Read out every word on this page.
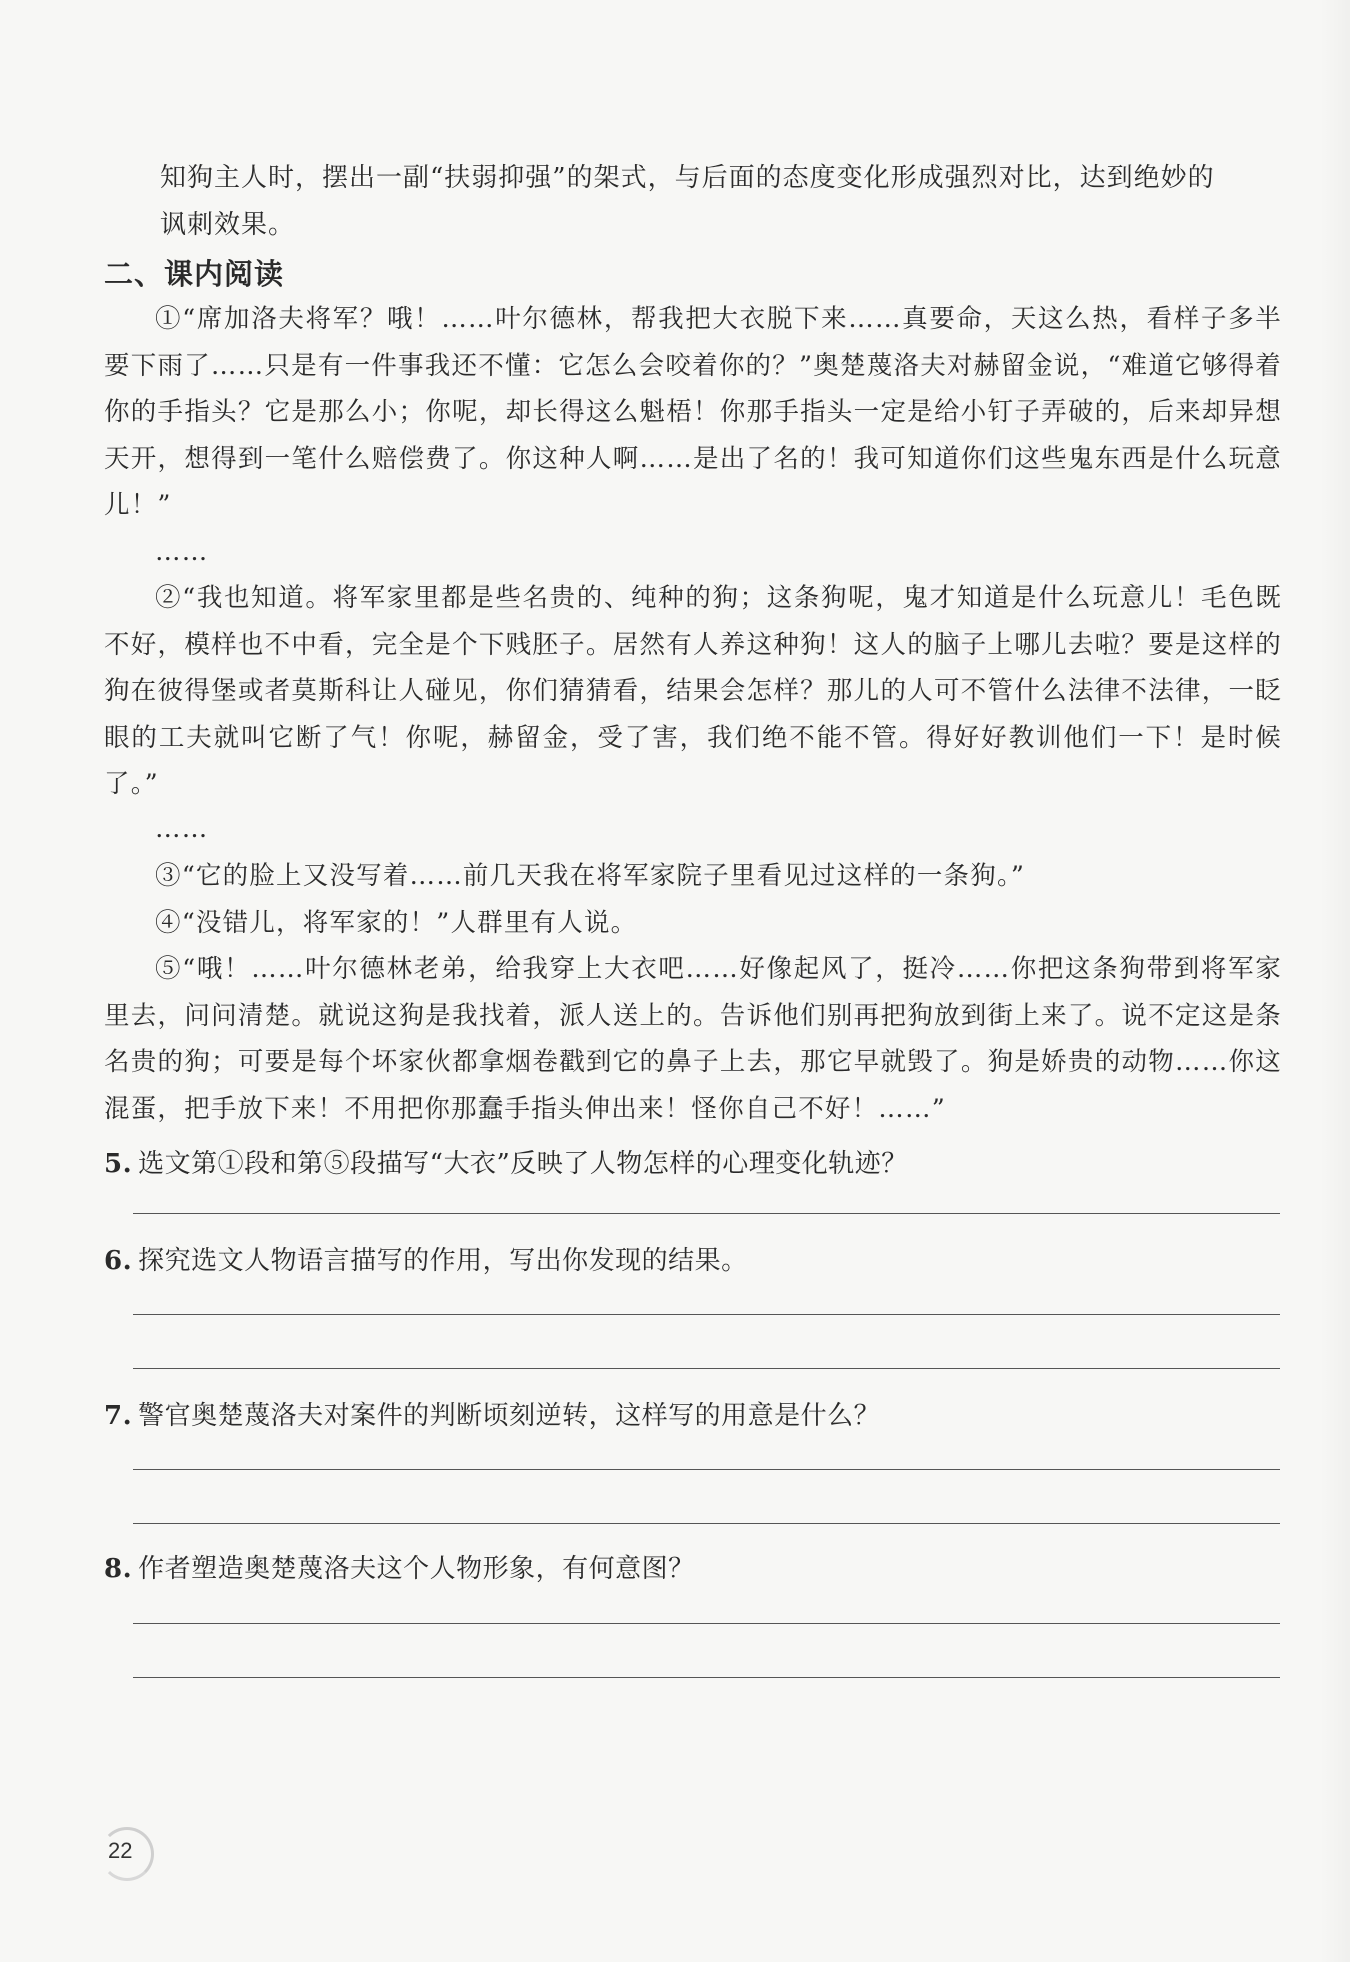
知狗主人时，摆出一副“扶弱抑强”的架式，与后面的态度变化形成强烈对比，达到绝妙的
讽刺效果。
二、课内阅读

①“席加洛夫将军？哦！……叶尔德林，帮我把大衣脱下来……真要命，天这么热，看样子多半要下雨了……只是有一件事我还不懂：它怎么会咬着你的？”奥楚蔑洛夫对赫留金说，“难道它够得着你的手指头？它是那么小；你呢，却长得这么魁梧！你那手指头一定是给小钉子弄破的，后来却异想天开，想得到一笔什么赔偿费了。你这种人啊……是出了名的！我可知道你们这些鬼东西是什么玩意儿！”

……

②“我也知道。将军家里都是些名贵的、纯种的狗；这条狗呢，鬼才知道是什么玩意儿！毛色既不好，模样也不中看，完全是个下贱胚子。居然有人养这种狗！这人的脑子上哪儿去啦？要是这样的狗在彼得堡或者莫斯科让人碰见，你们猜猜看，结果会怎样？那儿的人可不管什么法律不法律，一眨眼的工夫就叫它断了气！你呢，赫留金，受了害，我们绝不能不管。得好好教训他们一下！是时候了。”

……

③“它的脸上又没写着……前几天我在将军家院子里看见过这样的一条狗。”

④“没错儿，将军家的！”人群里有人说。

⑤“哦！……叶尔德林老弟，给我穿上大衣吧……好像起风了，挺冷……你把这条狗带到将军家里去，问问清楚。就说这狗是我找着，派人送上的。告诉他们别再把狗放到街上来了。说不定这是条名贵的狗；可要是每个坏家伙都拿烟卷戳到它的鼻子上去，那它早就毁了。狗是娇贵的动物……你这混蛋，把手放下来！不用把你那蠢手指头伸出来！怪你自己不好！……”

5. 选文第①段和第⑤段描写“大衣”反映了人物怎样的心理变化轨迹？
6. 探究选文人物语言描写的作用，写出你发现的结果。
7. 警官奥楚蔑洛夫对案件的判断顷刻逆转，这样写的用意是什么？
8. 作者塑造奥楚蔑洛夫这个人物形象，有何意图？
22
